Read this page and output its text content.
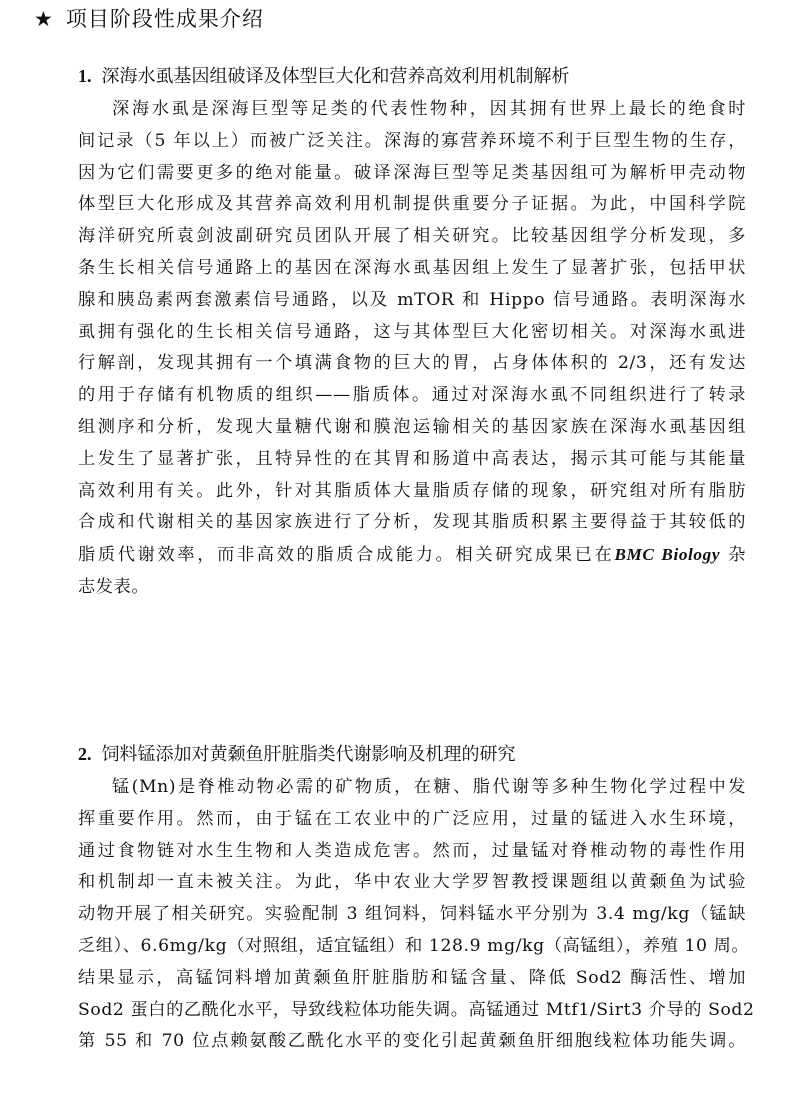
★ 项目阶段性成果介绍
1. 深海水虱基因组破译及体型巨大化和营养高效利用机制解析
深海水虱是深海巨型等足类的代表性物种，因其拥有世界上最长的绝食时
间记录（5 年以上）而被广泛关注。深海的寡营养环境不利于巨型生物的生存，
因为它们需要更多的绝对能量。破译深海巨型等足类基因组可为解析甲壳动物
体型巨大化形成及其营养高效利用机制提供重要分子证据。为此，中国科学院
海洋研究所袁剑波副研究员团队开展了相关研究。比较基因组学分析发现，多
条生长相关信号通路上的基因在深海水虱基因组上发生了显著扩张，包括甲状
腺和胰岛素两套激素信号通路，以及 mTOR 和 Hippo 信号通路。表明深海水
虱拥有强化的生长相关信号通路，这与其体型巨大化密切相关。对深海水虱进
行解剖，发现其拥有一个填满食物的巨大的胃，占身体体积的 2/3，还有发达
的用于存储有机物质的组织——脂质体。通过对深海水虱不同组织进行了转录
组测序和分析，发现大量糖代谢和膜泡运输相关的基因家族在深海水虱基因组
上发生了显著扩张，且特异性的在其胃和肠道中高表达，揭示其可能与其能量
高效利用有关。此外，针对其脂质体大量脂质存储的现象，研究组对所有脂肪
合成和代谢相关的基因家族进行了分析，发现其脂质积累主要得益于其较低的
脂质代谢效率，而非高效的脂质合成能力。相关研究成果已在BMC Biology 杂
志发表。
2. 饲料锰添加对黄颡鱼肝脏脂类代谢影响及机理的研究
锰(Mn)是脊椎动物必需的矿物质，在糖、脂代谢等多种生物化学过程中发
挥重要作用。然而，由于锰在工农业中的广泛应用，过量的锰进入水生环境，
通过食物链对水生生物和人类造成危害。然而，过量锰对脊椎动物的毒性作用
和机制却一直未被关注。为此，华中农业大学罗智教授课题组以黄颡鱼为试验
动物开展了相关研究。实验配制 3 组饲料，饲料锰水平分别为 3.4 mg/kg（锰缺
乏组）、6.6mg/kg（对照组，适宜锰组）和 128.9 mg/kg（高锰组），养殖 10 周。
结果显示，高锰饲料增加黄颡鱼肝脏脂肪和锰含量、降低 Sod2 酶活性、增加
Sod2 蛋白的乙酰化水平，导致线粒体功能失调。高锰通过 Mtf1/Sirt3 介导的 Sod2
第 55 和 70 位点赖氨酸乙酰化水平的变化引起黄颡鱼肝细胞线粒体功能失调。
